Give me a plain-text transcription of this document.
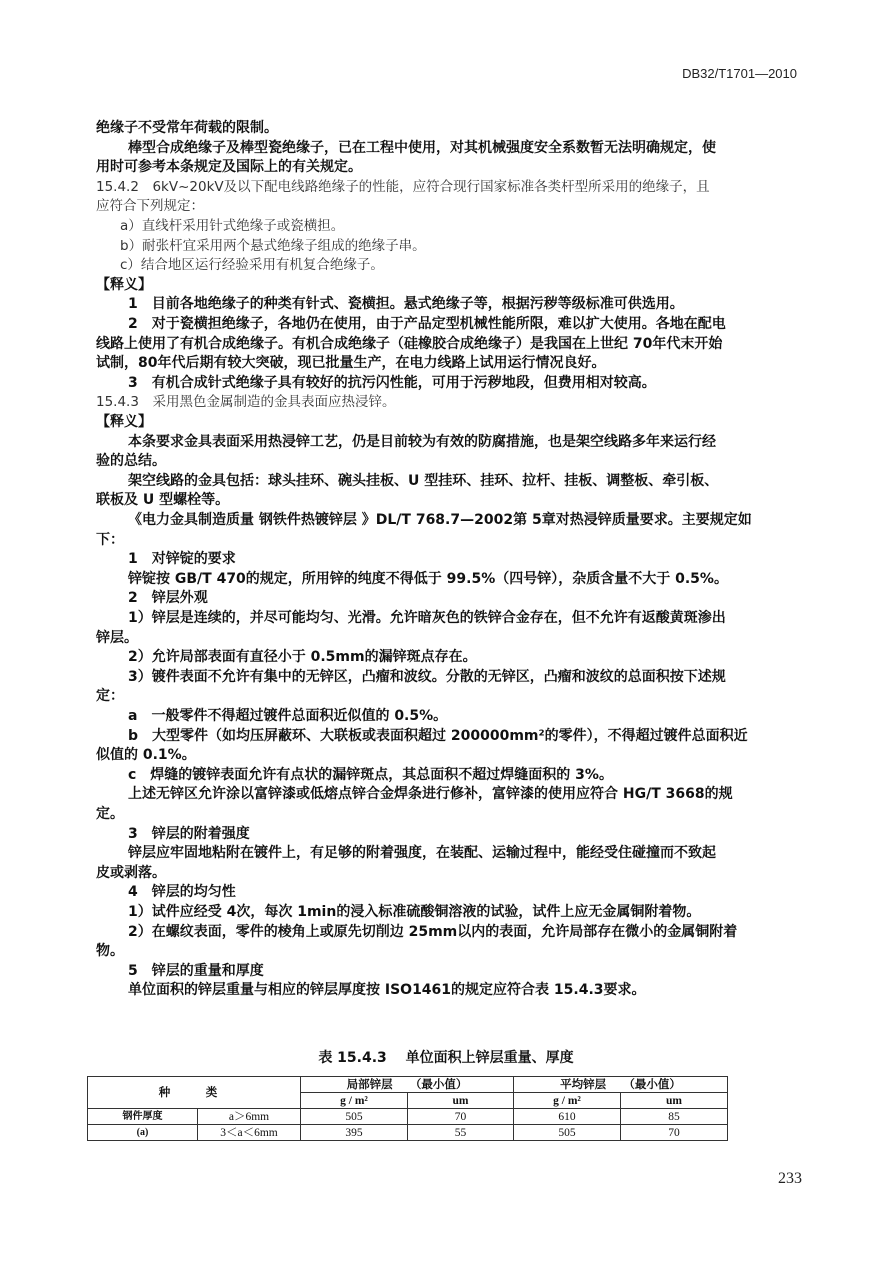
DB32/T1701—2010
绝缘子不受常年荷载的限制。
棒型合成绝缘子及棒型瓷绝缘子，已在工程中使用，对其机械强度安全系数暂无法明确规定，使
用时可参考本条规定及国际上的有关规定。
15.4.2　6kV~20kV及以下配电线路绝缘子的性能，应符合现行国家标准各类杆型所采用的绝缘子，且
应符合下列规定：
a）直线杆采用针式绝缘子或瓷横担。
b）耐张杆宜采用两个悬式绝缘子组成的绝缘子串。
c）结合地区运行经验采用有机复合绝缘子。
【释义】
1　目前各地绝缘子的种类有针式、瓷横担。悬式绝缘子等，根据污秽等级标准可供选用。
2　对于瓷横担绝缘子，各地仍在使用，由于产品定型机械性能所限，难以扩大使用。各地在配电
线路上使用了有机合成绝缘子。有机合成绝缘子（硅橡胶合成绝缘子）是我国在上世纪 70年代末开始
试制，80年代后期有较大突破，现已批量生产，在电力线路上试用运行情况良好。
3　有机合成针式绝缘子具有较好的抗污闪性能，可用于污秽地段，但费用相对较高。
15.4.3　采用黑色金属制造的金具表面应热浸锌。
【释义】
本条要求金具表面采用热浸锌工艺，仍是目前较为有效的防腐措施，也是架空线路多年来运行经
验的总结。
架空线路的金具包括：球头挂环、碗头挂板、U 型挂环、挂环、拉杆、挂板、调整板、牵引板、
联板及 U 型螺栓等。
《电力金具制造质量 钢铁件热镀锌层 》DL/T 768.7—2002第 5章对热浸锌质量要求。主要规定如
下：
1　对锌锭的要求
锌锭按 GB/T 470的规定，所用锌的纯度不得低于 99.5%（四号锌），杂质含量不大于 0.5%。
2　锌层外观
1）锌层是连续的，并尽可能均匀、光滑。允许暗灰色的铁锌合金存在，但不允许有返酸黄斑渗出
锌层。
2）允许局部表面有直径小于 0.5mm的漏锌斑点存在。
3）镀件表面不允许有集中的无锌区，凸瘤和波纹。分散的无锌区，凸瘤和波纹的总面积按下述规
定：
a　一般零件不得超过镀件总面积近似值的 0.5%。
b　大型零件（如均压屏蔽环、大联板或表面积超过 200000mm²的零件），不得超过镀件总面积近
似值的 0.1%。
c　焊缝的镀锌表面允许有点状的漏锌斑点，其总面积不超过焊缝面积的 3%。
上述无锌区允许涂以富锌漆或低熔点锌合金焊条进行修补，富锌漆的使用应符合 HG/T 3668的规
定。
3　锌层的附着强度
锌层应牢固地粘附在镀件上，有足够的附着强度，在装配、运输过程中，能经受住碰撞而不致起
皮或剥落。
4　锌层的均匀性
1）试件应经受 4次，每次 1min的浸入标准硫酸铜溶液的试验，试件上应无金属铜附着物。
2）在螺纹表面，零件的棱角上或原先切削边 25mm以内的表面，允许局部存在微小的金属铜附着
物。
5　锌层的重量和厚度
单位面积的锌层重量与相应的锌层厚度按 ISO1461的规定应符合表 15.4.3要求。
表 15.4.3　 单位面积上锌层重量、厚度
种　类		局部锌层　　（最小值）		平均锌层　　（最小值）	
		g / m²	um	g / m²	um
钢件厚度	a＞6mm	505	70	610	85
(a)	3＜a＜6mm	395	55	505	70
233
